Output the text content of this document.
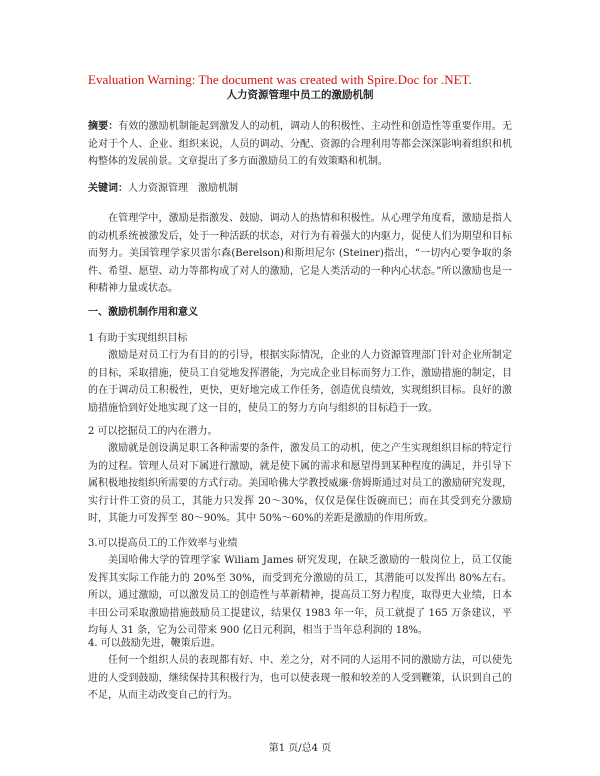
Evaluation Warning: The document was created with Spire.Doc for .NET.
人力资源管理中员工的激励机制
摘要：有效的激励机制能起到激发人的动机，调动人的积极性、主动性和创造性等重要作用。无论对于个人、企业、组织来说，人员的调动、分配、资源的合理利用等都会深深影响着组织和机构整体的发展前景。文章提出了多方面激励员工的有效策略和机制。
关键词：人力资源管理　激励机制
在管理学中，激励是指激发、鼓励、调动人的热情和积极性。从心理学角度看，激励是指人的动机系统被激发后，处于一种活跃的状态，对行为有着强大的内驱力，促使人们为期望和目标而努力。美国管理学家贝雷尔森(Berelson)和斯坦尼尔 (Steiner)指出，“一切内心要争取的条件、希望、愿望、动力等都构成了对人的激励，它是人类活动的一种内心状态。”所以激励也是一种精神力量或状态。
一、激励机制作用和意义
1 有助于实现组织目标
激励是对员工行为有目的的引导，根据实际情况，企业的人力资源管理部门针对企业所制定的目标，采取措施，使员工自觉地发挥潜能，为完成企业目标而努力工作，激励措施的制定，目的在于调动员工积极性，更快，更好地完成工作任务，创造优良绩效，实现组织目标。良好的激励措施恰到好处地实现了这一目的，使员工的努力方向与组织的目标趋于一致。
2 可以挖掘员工的内在潜力。
激励就是创设满足职工各种需要的条件，激发员工的动机，使之产生实现组织目标的特定行为的过程。管理人员对下属进行激励，就是使下属的需求和愿望得到某种程度的满足，并引导下属积极地按组织所需要的方式行动。美国哈佛大学教授威廉·詹姆斯通过对员工的激励研究发现，实行计件工资的员工，其能力只发挥 20～30%，仅仅是保住饭碗而已；而在其受到充分激励时，其能力可发挥至 80～90%。其中 50%～60%的差距是激励的作用所致。
3.可以提高员工的工作效率与业绩
美国哈佛大学的管理学家 Wiliam James 研究发现，在缺乏激励的一般岗位上，员工仅能发挥其实际工作能力的 20%至 30%，而受到充分激励的员工，其潜能可以发挥出 80%左右。所以，通过激励，可以激发员工的创造性与革新精神，提高员工努力程度，取得更大业绩，日本丰田公司采取激励措施鼓励员工提建议，结果仅 1983 年一年，员工就提了 165 万条建议，平均每人 31 条，它为公司带来 900 亿日元利润，相当于当年总利润的 18%。
4. 可以鼓励先进，鞭策后进。
任何一个组织人员的表现都有好、中、差之分，对不同的人运用不同的激励方法，可以使先进的人受到鼓励，继续保持其积极行为，也可以使表现一般和较差的人受到鞭策，认识到自己的不足，从而主动改变自己的行为。
第1 页/总4 页
